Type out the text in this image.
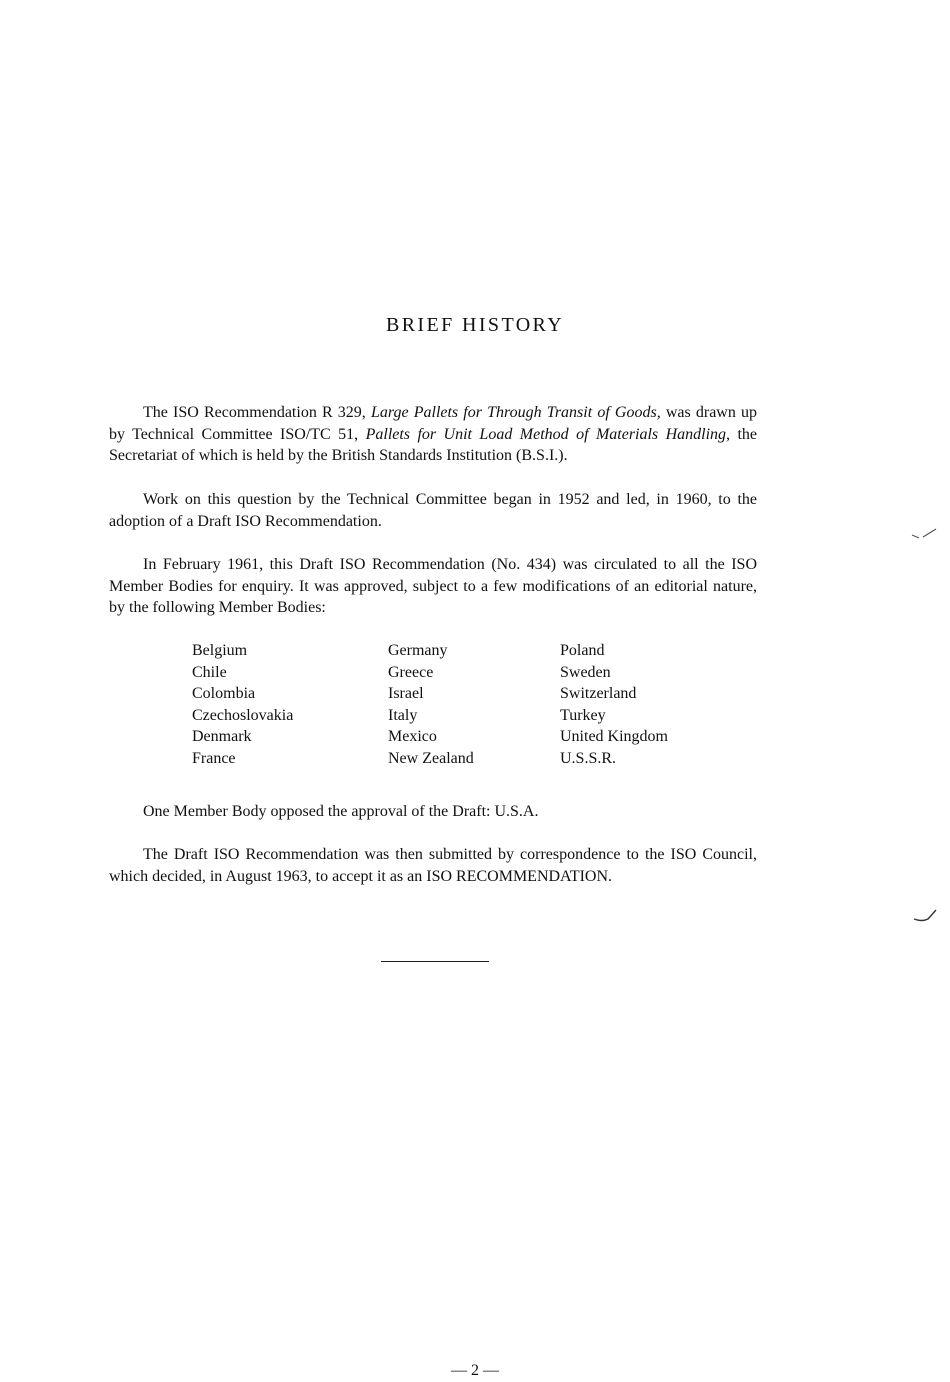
BRIEF HISTORY
The ISO Recommendation R 329, Large Pallets for Through Transit of Goods, was drawn up by Technical Committee ISO/TC 51, Pallets for Unit Load Method of Materials Handling, the Secretariat of which is held by the British Standards Institution (B.S.I.).
Work on this question by the Technical Committee began in 1952 and led, in 1960, to the adoption of a Draft ISO Recommendation.
In February 1961, this Draft ISO Recommendation (No. 434) was circulated to all the ISO Member Bodies for enquiry. It was approved, subject to a few modifications of an editorial nature, by the following Member Bodies:
Belgium
Chile
Colombia
Czechoslovakia
Denmark
France
Germany
Greece
Israel
Italy
Mexico
New Zealand
Poland
Sweden
Switzerland
Turkey
United Kingdom
U.S.S.R.
One Member Body opposed the approval of the Draft: U.S.A.
The Draft ISO Recommendation was then submitted by correspondence to the ISO Council, which decided, in August 1963, to accept it as an ISO RECOMMENDATION.
— 2 —
